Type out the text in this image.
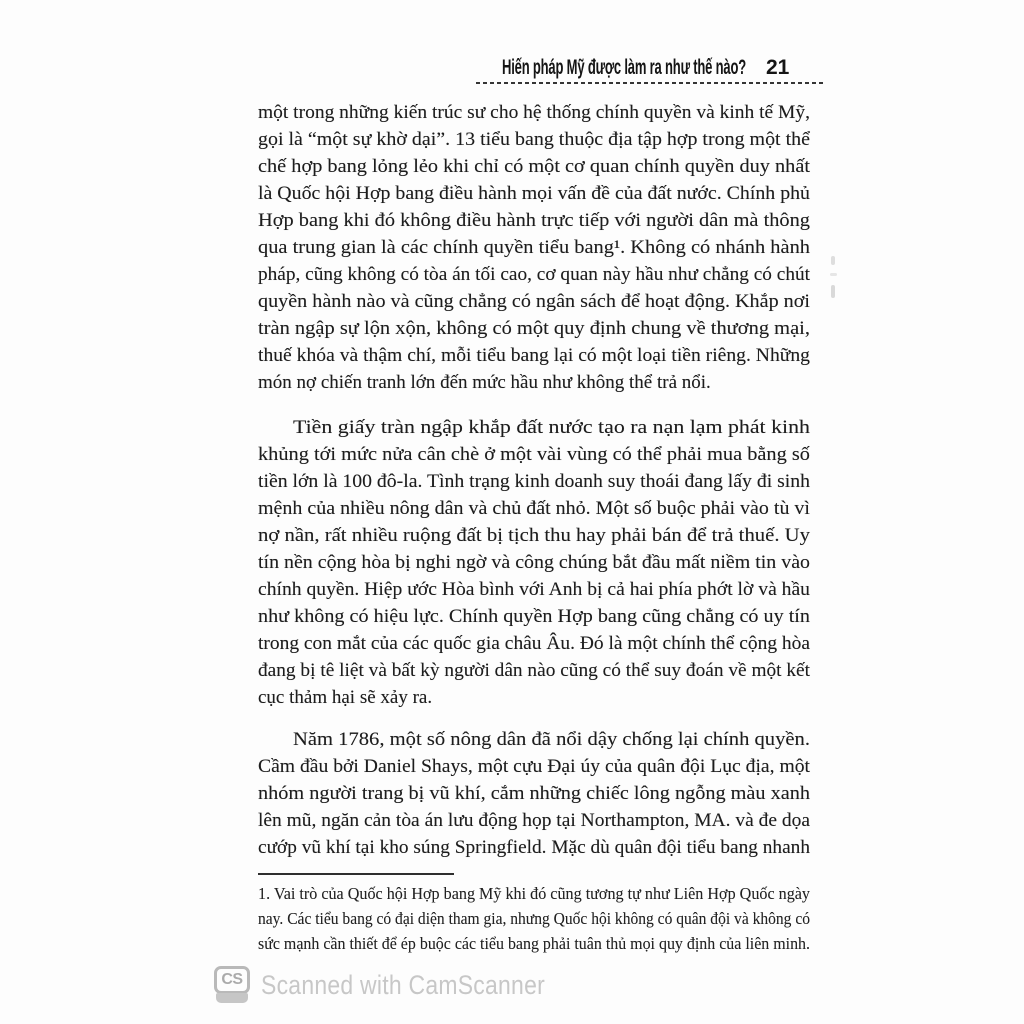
Hiến pháp Mỹ được làm ra như thế nào? 21
một trong những kiến trúc sư cho hệ thống chính quyền và kinh tế Mỹ,
gọi là “một sự khờ dại”. 13 tiểu bang thuộc địa tập hợp trong một thể
chế hợp bang lỏng lẻo khi chỉ có một cơ quan chính quyền duy nhất
là Quốc hội Hợp bang điều hành mọi vấn đề của đất nước. Chính phủ
Hợp bang khi đó không điều hành trực tiếp với người dân mà thông
qua trung gian là các chính quyền tiểu bang¹. Không có nhánh hành
pháp, cũng không có tòa án tối cao, cơ quan này hầu như chẳng có chút
quyền hành nào và cũng chẳng có ngân sách để hoạt động. Khắp nơi
tràn ngập sự lộn xộn, không có một quy định chung về thương mại,
thuế khóa và thậm chí, mỗi tiểu bang lại có một loại tiền riêng. Những
món nợ chiến tranh lớn đến mức hầu như không thể trả nổi.
Tiền giấy tràn ngập khắp đất nước tạo ra nạn lạm phát kinh
khủng tới mức nửa cân chè ở một vài vùng có thể phải mua bằng số
tiền lớn là 100 đô-la. Tình trạng kinh doanh suy thoái đang lấy đi sinh
mệnh của nhiều nông dân và chủ đất nhỏ. Một số buộc phải vào tù vì
nợ nần, rất nhiều ruộng đất bị tịch thu hay phải bán để trả thuế. Uy
tín nền cộng hòa bị nghi ngờ và công chúng bắt đầu mất niềm tin vào
chính quyền. Hiệp ước Hòa bình với Anh bị cả hai phía phớt lờ và hầu
như không có hiệu lực. Chính quyền Hợp bang cũng chẳng có uy tín
trong con mắt của các quốc gia châu Âu. Đó là một chính thể cộng hòa
đang bị tê liệt và bất kỳ người dân nào cũng có thể suy đoán về một kết
cục thảm hại sẽ xảy ra.
Năm 1786, một số nông dân đã nổi dậy chống lại chính quyền.
Cầm đầu bởi Daniel Shays, một cựu Đại úy của quân đội Lục địa, một
nhóm người trang bị vũ khí, cắm những chiếc lông ngỗng màu xanh
lên mũ, ngăn cản tòa án lưu động họp tại Northampton, MA. và đe dọa
cướp vũ khí tại kho súng Springfield. Mặc dù quân đội tiểu bang nhanh
1. Vai trò của Quốc hội Hợp bang Mỹ khi đó cũng tương tự như Liên Hợp Quốc ngày
nay. Các tiểu bang có đại diện tham gia, nhưng Quốc hội không có quân đội và không có
sức mạnh cần thiết để ép buộc các tiểu bang phải tuân thủ mọi quy định của liên minh.
CS Scanned with CamScanner
